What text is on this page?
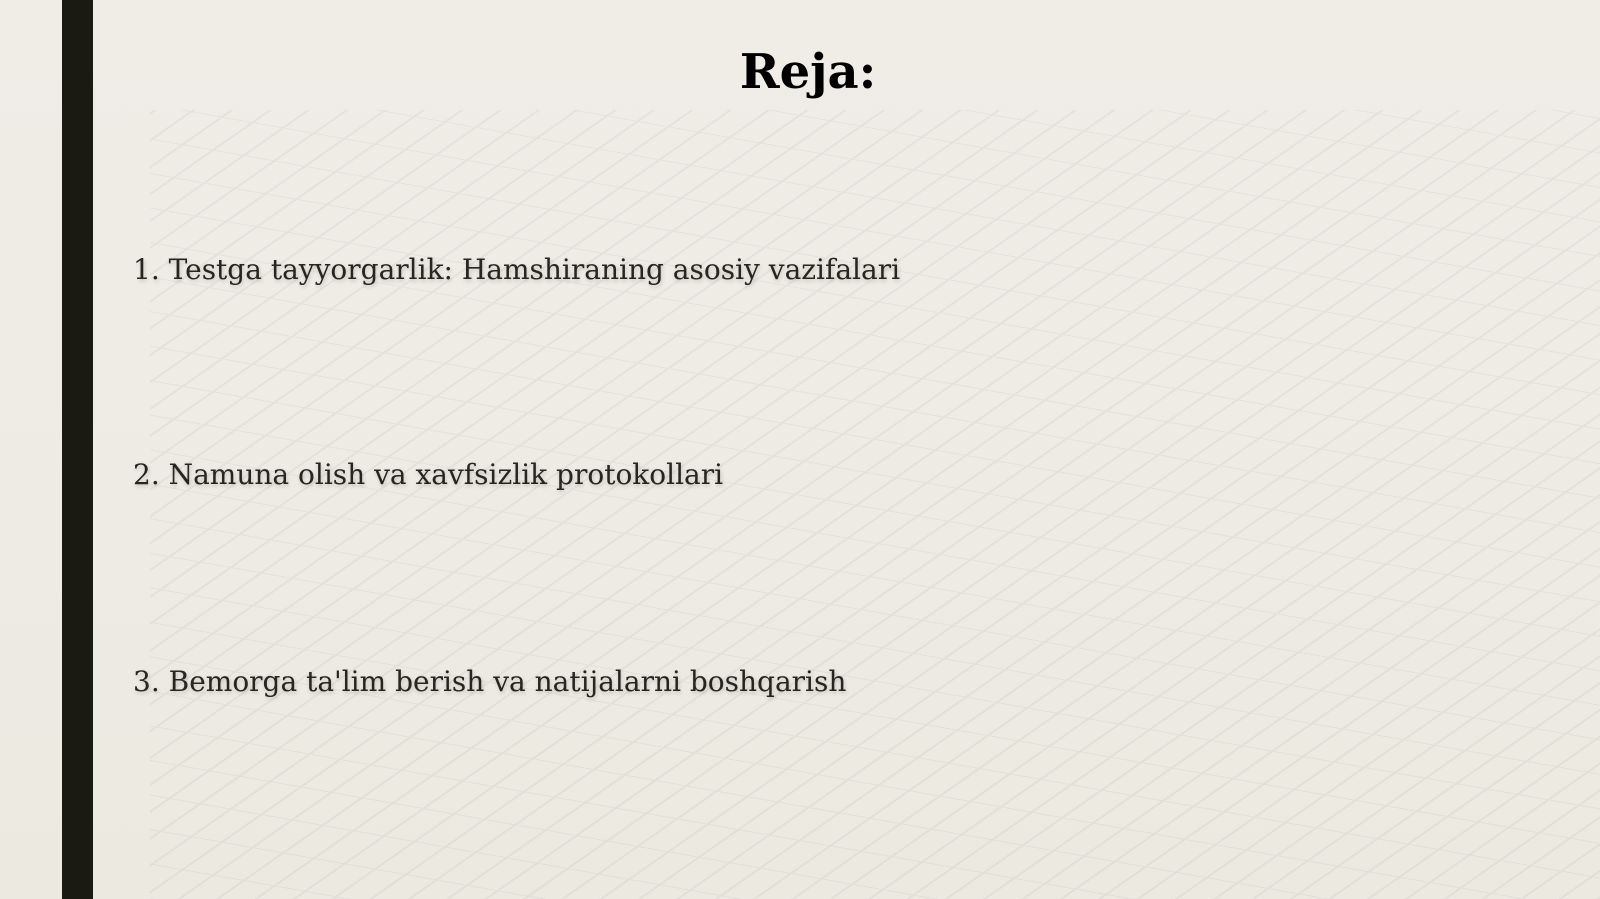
Reja:
1. Testga tayyorgarlik: Hamshiraning asosiy vazifalari
2. Namuna olish va xavfsizlik protokollari
3. Bemorga ta'lim berish va natijalarni boshqarish
